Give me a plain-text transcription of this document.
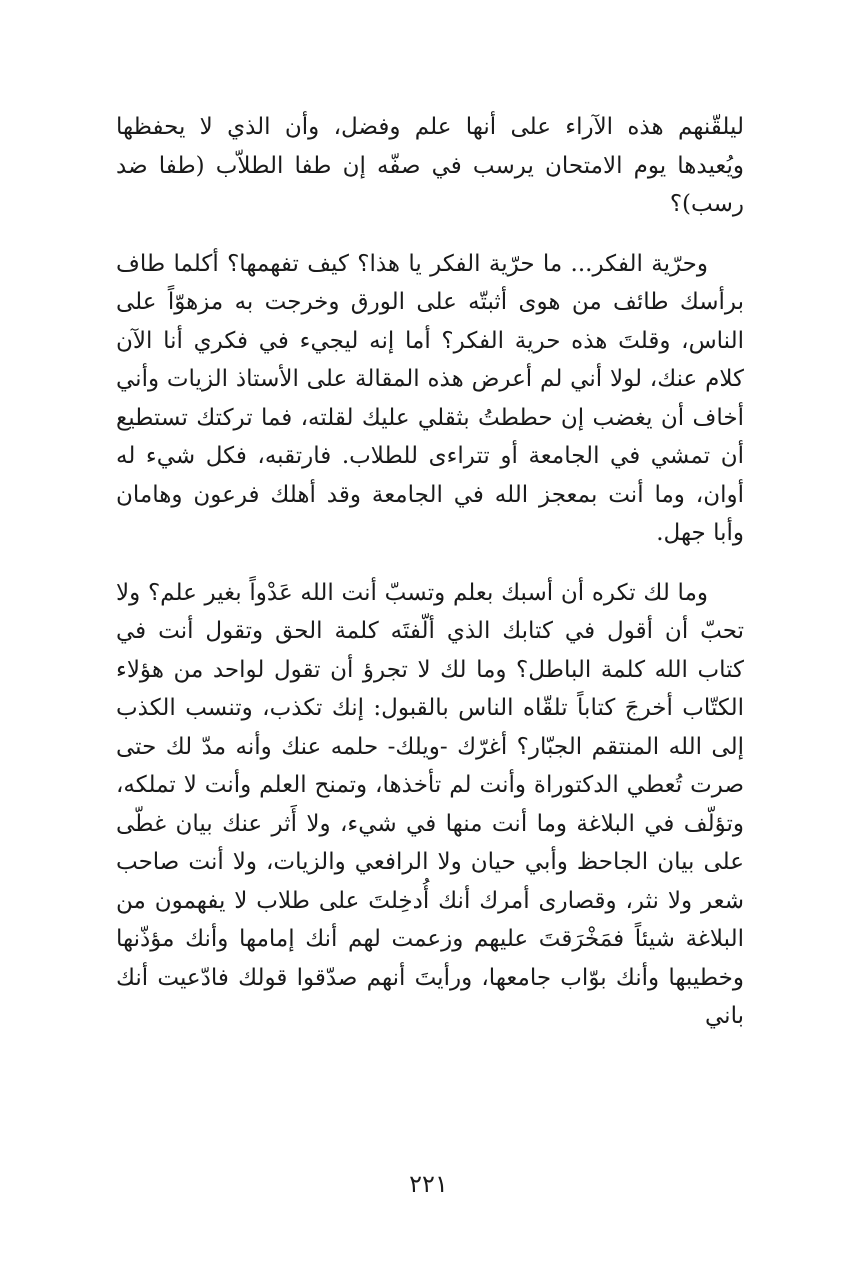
ليلقّنهم هذه الآراء على أنها علم وفضل، وأن الذي لا يحفظها ويُعيدها يوم الامتحان يرسب في صفّه إن طفا الطلاّب (طفا ضد رسب)؟

وحرّية الفكر... ما حرّية الفكر يا هذا؟ كيف تفهمها؟ أكلما طاف برأسك طائف من هوى أثبتّه على الورق وخرجت به مزهوّاً على الناس، وقلتَ هذه حرية الفكر؟ أما إنه ليجيء في فكري أنا الآن كلام عنك، لولا أني لم أعرض هذه المقالة على الأستاذ الزيات وأني أخاف أن يغضب إن حططتُ بثقلي عليك لقلته، فما تركتك تستطيع أن تمشي في الجامعة أو تتراءى للطلاب. فارتقبه، فكل شيء له أوان، وما أنت بمعجز الله في الجامعة وقد أهلك فرعون وهامان وأبا جهل.

وما لك تكره أن أسبك بعلم وتسبّ أنت الله عَدْواً بغير علم؟ ولا تحبّ أن أقول في كتابك الذي ألّفتَه كلمة الحق وتقول أنت في كتاب الله كلمة الباطل؟ وما لك لا تجرؤ أن تقول لواحد من هؤلاء الكتّاب أخرجَ كتاباً تلقّاه الناس بالقبول: إنك تكذب، وتنسب الكذب إلى الله المنتقم الجبّار؟ أغرّك -ويلك- حلمه عنك وأنه مدّ لك حتى صرت تُعطي الدكتوراة وأنت لم تأخذها، وتمنح العلم وأنت لا تملكه، وتؤلّف في البلاغة وما أنت منها في شيء، ولا أَثر عنك بيان غطّى على بيان الجاحظ وأبي حيان ولا الرافعي والزيات، ولا أنت صاحب شعر ولا نثر، وقصارى أمرك أنك أُدخِلتَ على طلاب لا يفهمون من البلاغة شيئاً فمَخْرَقتَ عليهم وزعمت لهم أنك إمامها وأنك مؤذّنها وخطيبها وأنك بوّاب جامعها، ورأيتَ أنهم صدّقوا قولك فادّعيت أنك باني

٢٢١
